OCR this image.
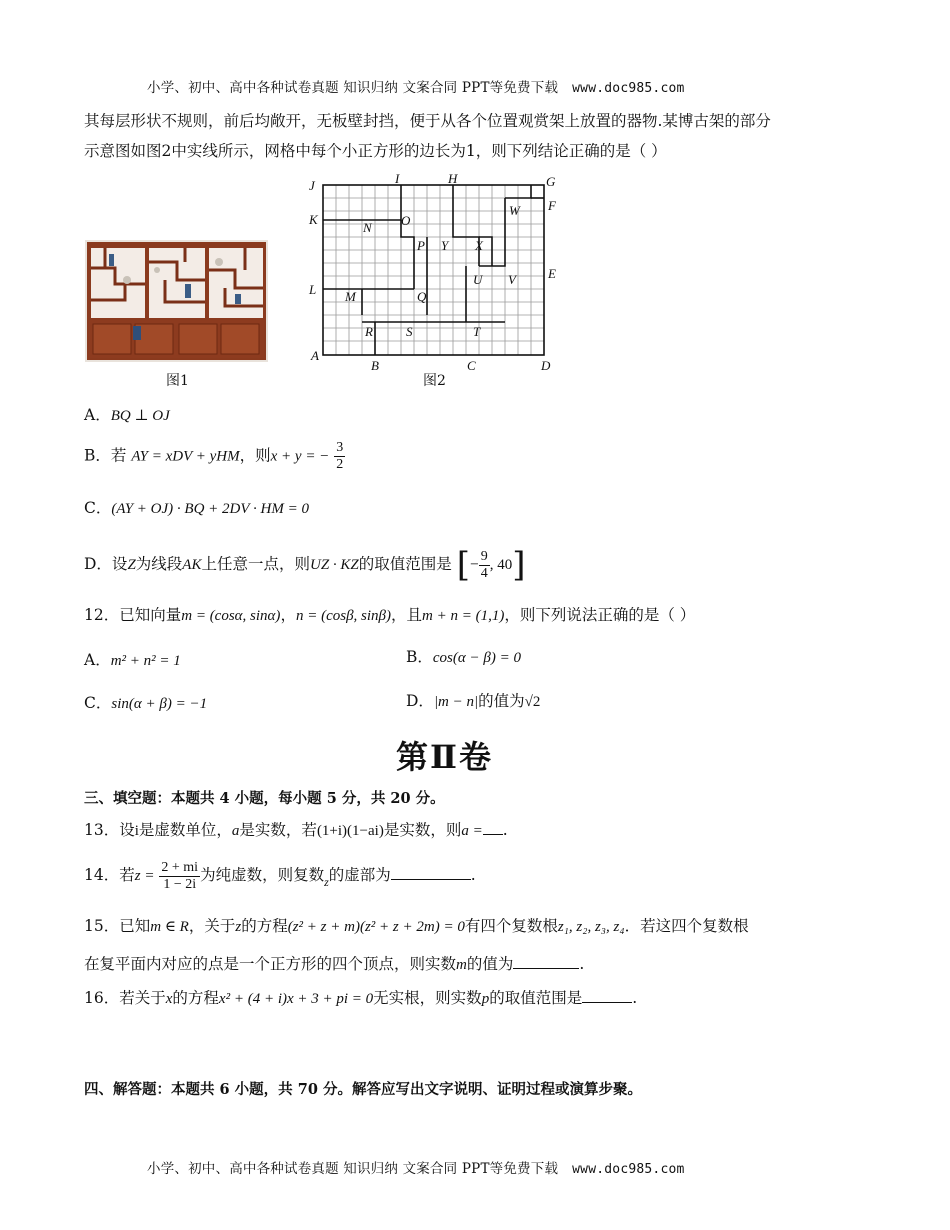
小学、初中、高中各种试卷真题 知识归纳 文案合同 PPT等免费下载 www.doc985.com
其每层形状不规则，前后均敞开，无板壁封挡，便于从各个位置观赏架上放置的器物.某博古架的部分
示意图如图2中实线所示，网格中每个小正方形的边长为1，则下列结论正确的是（ ）
图1
J	I	H	G
K
F
W
N O
P Y X
E
U V
L M	Q
R	S	T
A
B	C	D
图2
A．BQ ⊥ OJ
B．若 AY = xDV + yHM，则x + y = − $\frac{3}{2}$
C．(AY + OJ) · BQ + 2DV · HM = 0
D．设Z为线段AK上任意一点，则UZ · KZ的取值范围是 [− $\frac{9}{4}$ , 40]
12．已知向量m = (cosα, sinα)，n = (cosβ, sinβ)，且m + n = (1,1)，则下列说法正确的是（ ）
A．m² + n² = 1	B．cos(α − β) = 0
C．sin(α + β) = −1	D．|m − n|的值为√2
第Ⅱ卷
三、填空题：本题共 4 小题，每小题 5 分，共 20 分。
13．设i是虚数单位，a是实数，若(1+i)(1−ai)是实数，则a = .
14．若$z = \frac{2 + mi}{1 - 2i}$ 为纯虚数，则复数$_z$的虚部为	.
15．已知m ∈ R，关于z的方程(z² + z + m)(z² + z + 2m) = 0有四个复数根z₁, z₂, z₃, z₄．若这四个复数根
在复平面内对应的点是一个正方形的四个顶点，则实数m的值为	.
16．若关于x的方程x² + (4 + i)x + 3 + pi = 0无实根，则实数p的取值范围是	.
四、解答题：本题共 6 小题，共 70 分。解答应写出文字说明、证明过程或演算步聚。
小学、初中、高中各种试卷真题 知识归纳 文案合同 PPT等免费下载 www.doc985.com
